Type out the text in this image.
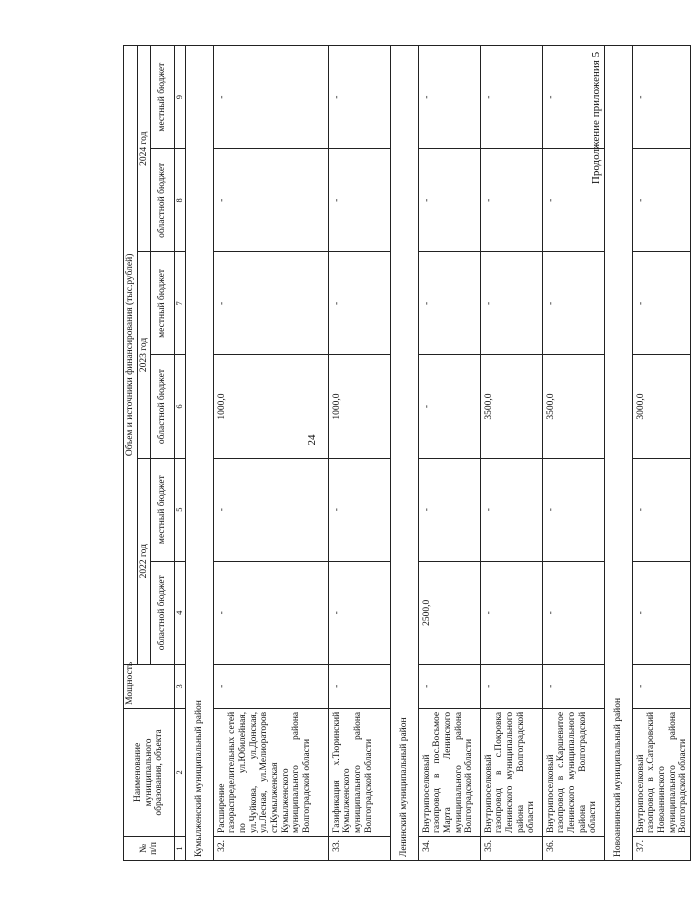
24
Продолжение приложения 5
№ п/п	Наименование муниципального образования, объекта	Мощность	Объем и источники финансирования (тыс.рублей)					
			2022 год		2023 год		2024 год	
			областной бюджет	местный бюджет	областной бюджет	местный бюджет	областной бюджет	местный бюджет
1	2	3	4	5	6	7	8	9
Кумылженский муниципальный район								
32.	Расширение газораспределительных сетей по ул.Юбилейная, ул.Чуйкова, ул.Донская, ул.Лесная, ул.Мелиораторов ст.Кумылженская Кумылженского муниципального района Волгоградской области	-	-	-	1000,0	-	-	-
33.	Газификация х.Тюринский Кумылженского муниципального района Волгоградской области	-	-	-	1000,0	-	-	-
Ленинский муниципальный район								
34.	Внутрипоселковый газопровод в пос.Восьмое Марта Ленинского муниципального района Волгоградской области	-	2500,0	-	-	-	-	-
35.	Внутрипоселковый газопровод в с.Покровка Ленинского муниципального района Волгоградской области	-	-	-	3500,0	-	-	-
36.	Внутрипоселковый газопровод в с.Каршевитое Ленинского муниципального района Волгоградской области	-	-	-	3500,0	-	-	-
Новоаннинский муниципальный район								
37.	Внутрипоселковый газопровод в х.Сатаровский Новоаннинского муниципального района Волгоградской области	-	-	-	3000,0	-	-	-
